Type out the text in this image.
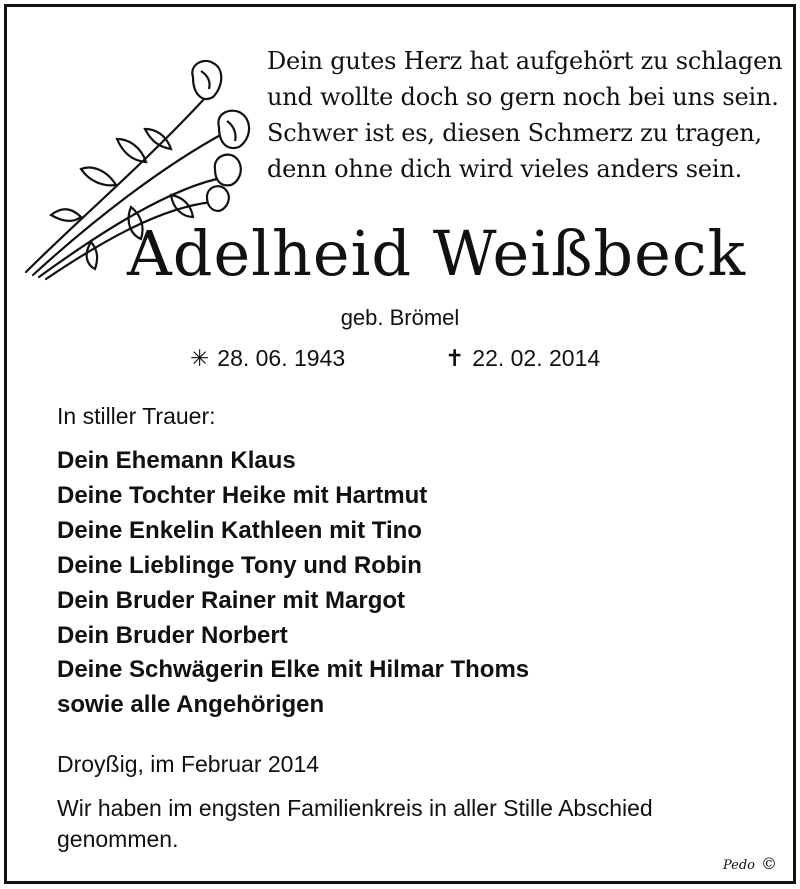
Dein gutes Herz hat aufgehört zu schlagen
und wollte doch so gern noch bei uns sein.
Schwer ist es, diesen Schmerz zu tragen,
denn ohne dich wird vieles anders sein.
Adelheid Weißbeck
geb. Brömel
✳ 28. 06. 1943	✝ 22. 02. 2014
In stiller Trauer:
Dein Ehemann Klaus
Deine Tochter Heike mit Hartmut
Deine Enkelin Kathleen mit Tino
Deine Lieblinge Tony und Robin
Dein Bruder Rainer mit Margot
Dein Bruder Norbert
Deine Schwägerin Elke mit Hilmar Thoms
sowie alle Angehörigen
Droyßig, im Februar 2014
Wir haben im engsten Familienkreis in aller Stille Abschied genommen.
Pedo ©
